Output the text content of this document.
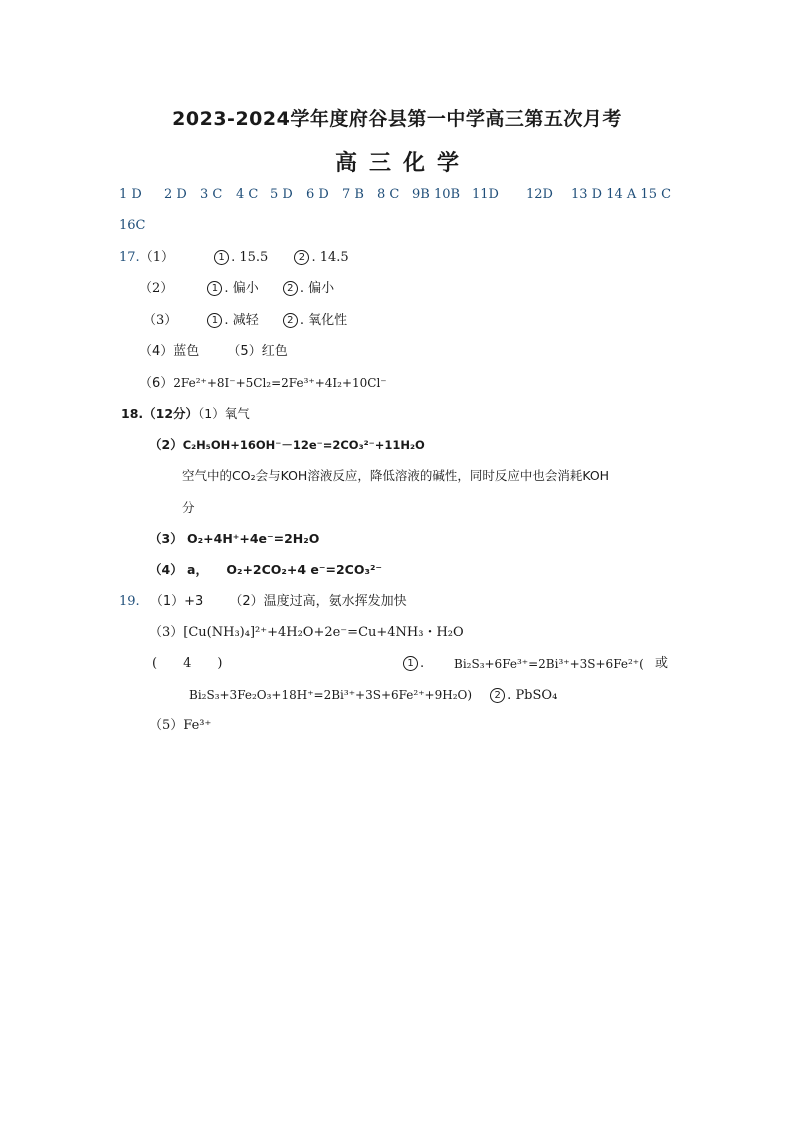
2023-2024学年度府谷县第一中学高三第五次月考
高三化学
1 D 2 D 3 C 4 C 5 D 6 D 7 B 8 C 9B 10B 11D 12D 13 D 14 A 15 C
16C
17.（1）	1 . 15.5	2 . 14.5
（2）	1 . 偏小	2 . 偏小
（3）	1 . 减轻	2 . 氧化性
（4）蓝色 （5）红色
（6）2Fe²⁺+8I⁻+5Cl₂=2Fe³⁺+4I₂+10Cl⁻
18.（12分）（1）氧气
（2）C₂H₅OH+16OH⁻－12e⁻=2CO₃²⁻+11H₂O
空气中的CO₂会与KOH溶液反应，降低溶液的碱性，同时反应中也会消耗KOH
分
（3） O₂+4H⁺+4e⁻=2H₂O
（4） a， O₂+2CO₂+4 e⁻=2CO₃²⁻
19. （1）+3 （2）温度过高，氨水挥发加快
（3）[Cu(NH₃)₄]²⁺+4H₂O+2e⁻=Cu+4NH₃・H₂O
(　　4　　)	1 . Bi₂S₃+6Fe³⁺=2Bi³⁺+3S+6Fe²⁺( 或
Bi₂S₃+3Fe₂O₃+18H⁺=2Bi³⁺+3S+6Fe²⁺+9H₂O) 2 . PbSO₄
（5）Fe³⁺
